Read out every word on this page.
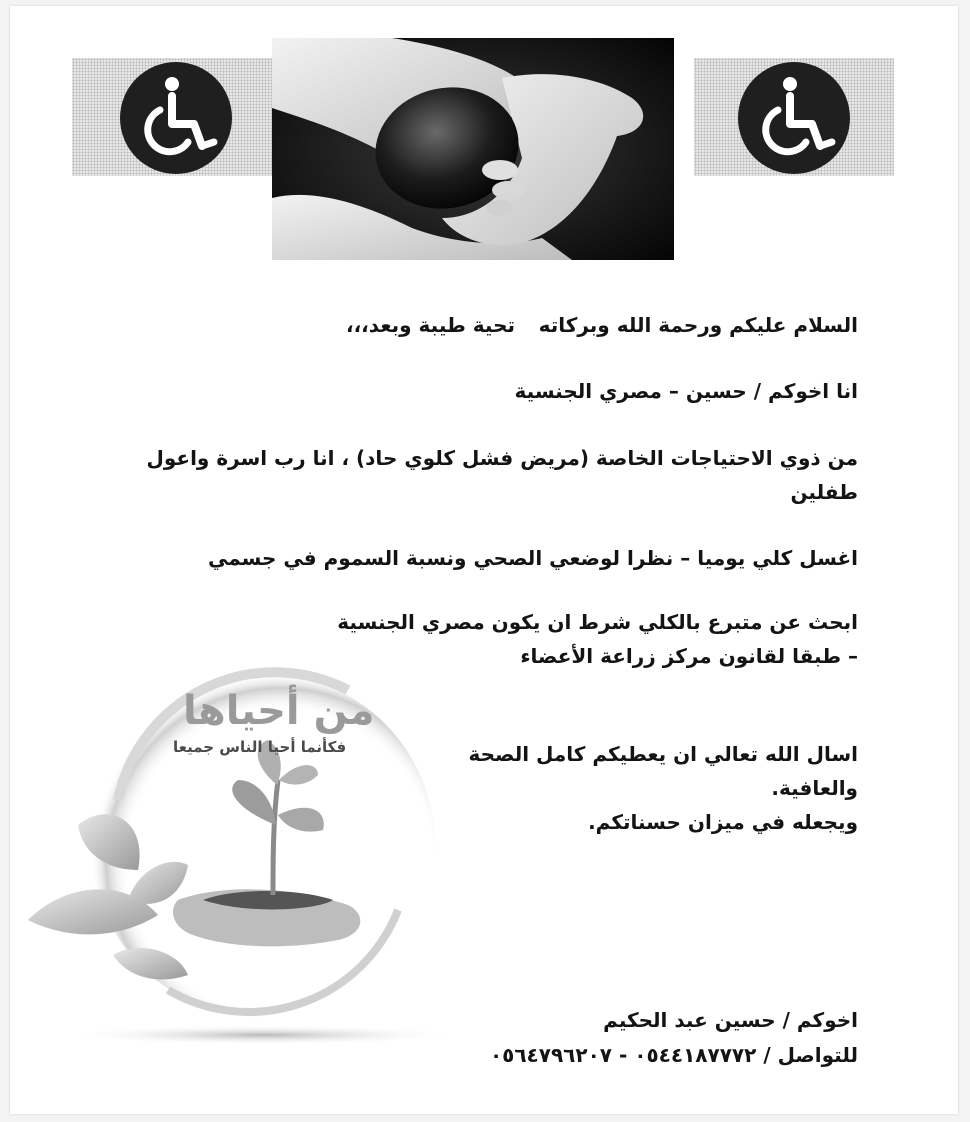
تحية طيبة وبعد،،، السلام عليكم ورحمة الله وبركاته
انا اخوكم / حسين – مصري الجنسية
من ذوي الاحتياجات الخاصة (مريض فشل كلوي حاد) ، انا رب اسرة واعول
طفلين
اغسل كلي يوميا – نظرا لوضعي الصحي ونسبة السموم في جسمي
ابحث عن متبرع بالكلي شرط ان يكون مصري الجنسية
– طبقا لقانون مركز زراعة الأعضاء
اسال الله تعالي ان يعطيكم كامل الصحة
والعافية.
ويجعله في ميزان حسناتكم.
من أحياها
فكأنما أحيا الناس جميعا
اخوكم / حسين عبد الحكيم
للتواصل / ٠٥٤٤١٨٧٧٧٢ - ٠٥٦٤٧٩٦٢٠٧
